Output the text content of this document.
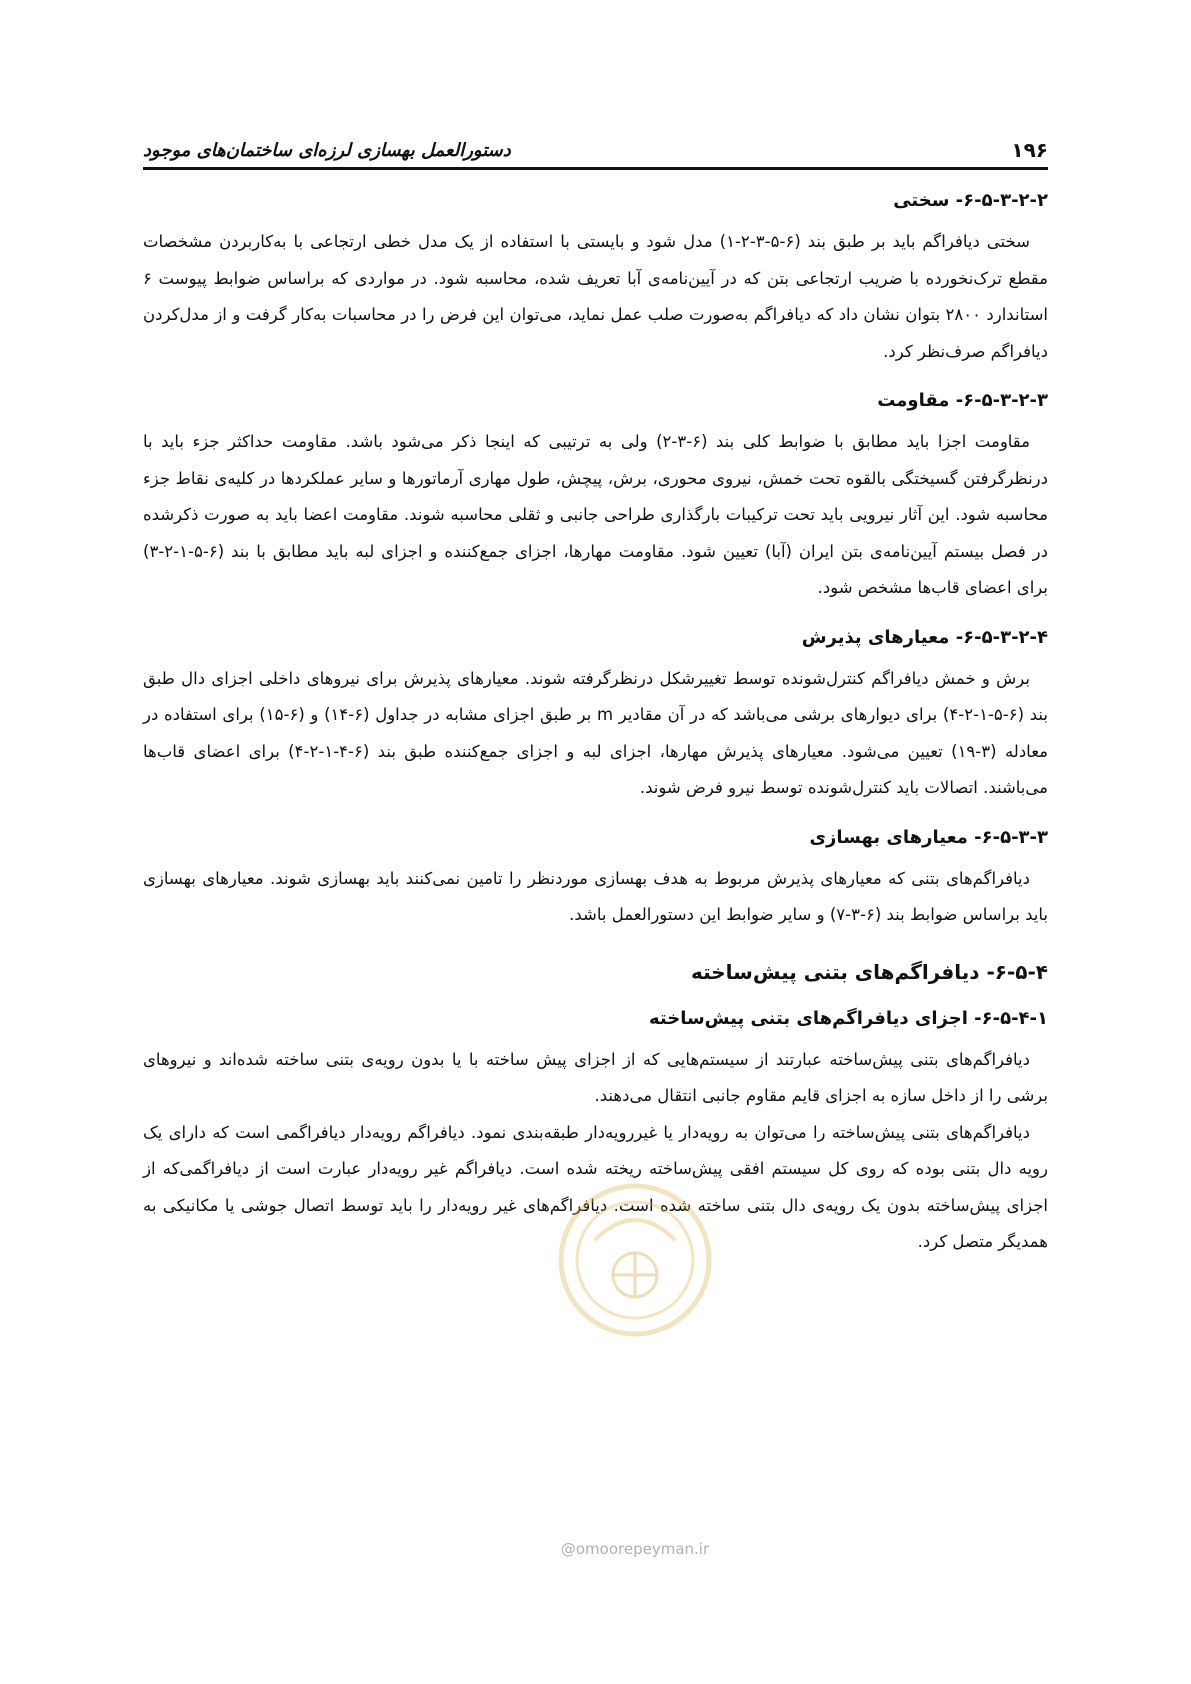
۱۹۶
دستورالعمل بهسازی لرزه‌ای ساختمان‌های موجود
۶-۵-۳-۲-۲- سختی

سختی دیافراگم باید بر طبق بند (۶-۵-۳-۲-۱) مدل شود و بایستی با استفاده از یک مدل خطی ارتجاعی با به‌کاربردن مشخصات مقطع ترک‌نخورده با ضریب ارتجاعی بتن که در آیین‌نامه‌ی آبا تعریف شده، محاسبه شود. در مواردی که براساس ضوابط پیوست ۶ استاندارد ۲۸۰۰ بتوان نشان داد که دیافراگم به‌صورت صلب عمل نماید، می‌توان این فرض را در محاسبات به‌کار گرفت و از مدل‌کردن دیافراگم صرف‌نظر کرد.

۶-۵-۳-۲-۳- مقاومت

مقاومت اجزا باید مطابق با ضوابط کلی بند (۶-۳-۲) ولی به ترتیبی که اینجا ذکر می‌شود باشد. مقاومت حداکثر جزء باید با درنظرگرفتن گسیختگی بالقوه تحت خمش، نیروی محوری، برش، پیچش، طول مهاری آرماتورها و سایر عملکردها در کلیه‌ی نقاط جزء محاسبه شود. این آثار نیرویی باید تحت ترکیبات بارگذاری طراحی جانبی و ثقلی محاسبه شوند. مقاومت اعضا باید به صورت ذکرشده در فصل بیستم آیین‌نامه‌ی بتن ایران (آبا) تعیین شود. مقاومت مهارها، اجزای جمع‌کننده و اجزای لبه باید مطابق با بند (۶-۵-۱-۲-۳) برای اعضای قاب‌ها مشخص شود.

۶-۵-۳-۲-۴- معیارهای پذیرش

برش و خمش دیافراگم کنترل‌شونده توسط تغییرشکل درنظرگرفته شوند. معیارهای پذیرش برای نیروهای داخلی اجزای دال طبق بند (۶-۵-۱-۲-۴) برای دیوارهای برشی می‌باشد که در آن مقادیر m بر طبق اجزای مشابه در جداول (۶-۱۴) و (۶-۱۵) برای استفاده در معادله (۳-۱۹) تعیین می‌شود. معیارهای پذیرش مهارها، اجزای لبه و اجزای جمع‌کننده طبق بند (۶-۴-۱-۲-۴) برای اعضای قاب‌ها می‌باشند. اتصالات باید کنترل‌شونده توسط نیرو فرض شوند.

۶-۵-۳-۳- معیارهای بهسازی

دیافراگم‌های بتنی که معیارهای پذیرش مربوط به هدف بهسازی موردنظر را تامین نمی‌کنند باید بهسازی شوند. معیارهای بهسازی باید براساس ضوابط بند (۶-۳-۷) و سایر ضوابط این دستورالعمل باشد.

۶-۵-۴- دیافراگم‌های بتنی پیش‌ساخته
۶-۵-۴-۱- اجزای دیافراگم‌های بتنی پیش‌ساخته

دیافراگم‌های بتنی پیش‌ساخته عبارتند از سیستم‌هایی که از اجزای پیش ساخته با یا بدون رویه‌ی بتنی ساخته شده‌اند و نیروهای برشی را از داخل سازه به اجزای قایم مقاوم جانبی انتقال می‌دهند.

دیافراگم‌های بتنی پیش‌ساخته را می‌توان به رویه‌دار یا غیررویه‌دار طبقه‌بندی نمود. دیافراگم رویه‌دار دیافراگمی است که دارای یک رویه دال بتنی بوده که روی کل سیستم افقی پیش‌ساخته ریخته شده است. دیافراگم غیر رویه‌دار عبارت است از دیافراگمی‌که از اجزای پیش‌ساخته بدون یک رویه‌ی دال بتنی ساخته شده است. دیافراگم‌های غیر رویه‌دار را باید توسط اتصال جوشی یا مکانیکی به همدیگر متصل کرد.

@omoorepeyman.ir
